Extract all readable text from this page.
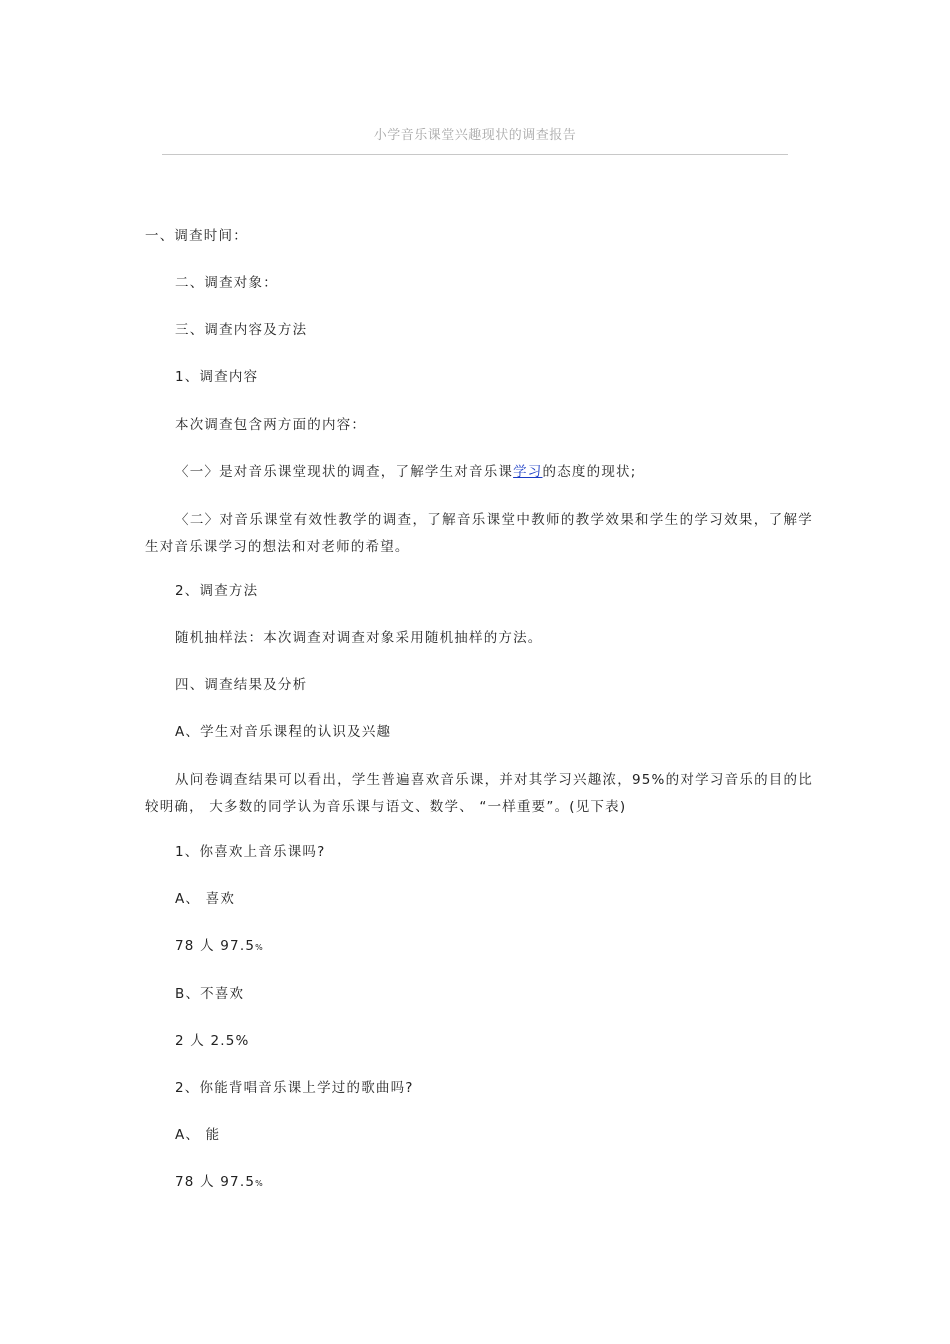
小学音乐课堂兴趣现状的调查报告
一、调查时间：
二、调查对象：
三、调查内容及方法
1、调查内容
本次调查包含两方面的内容：
〈一〉是对音乐课堂现状的调查，了解学生对音乐课学习的态度的现状;
〈二〉对音乐课堂有效性教学的调查，了解音乐课堂中教师的教学效果和学生的学习效果，了解学生对音乐课学习的想法和对老师的希望。
2、调查方法
随机抽样法：本次调查对调查对象采用随机抽样的方法。
四、调查结果及分析
A、学生对音乐课程的认识及兴趣
从问卷调查结果可以看出，学生普遍喜欢音乐课，并对其学习兴趣浓，95%的对学习音乐的目的比较明确， 大多数的同学认为音乐课与语文、数学、 “一样重要”。(见下表)
1、你喜欢上音乐课吗?
A、 喜欢
78 人 97.5%
B、不喜欢
2 人 2.5%
2、你能背唱音乐课上学过的歌曲吗?
A、 能
78 人 97.5%
